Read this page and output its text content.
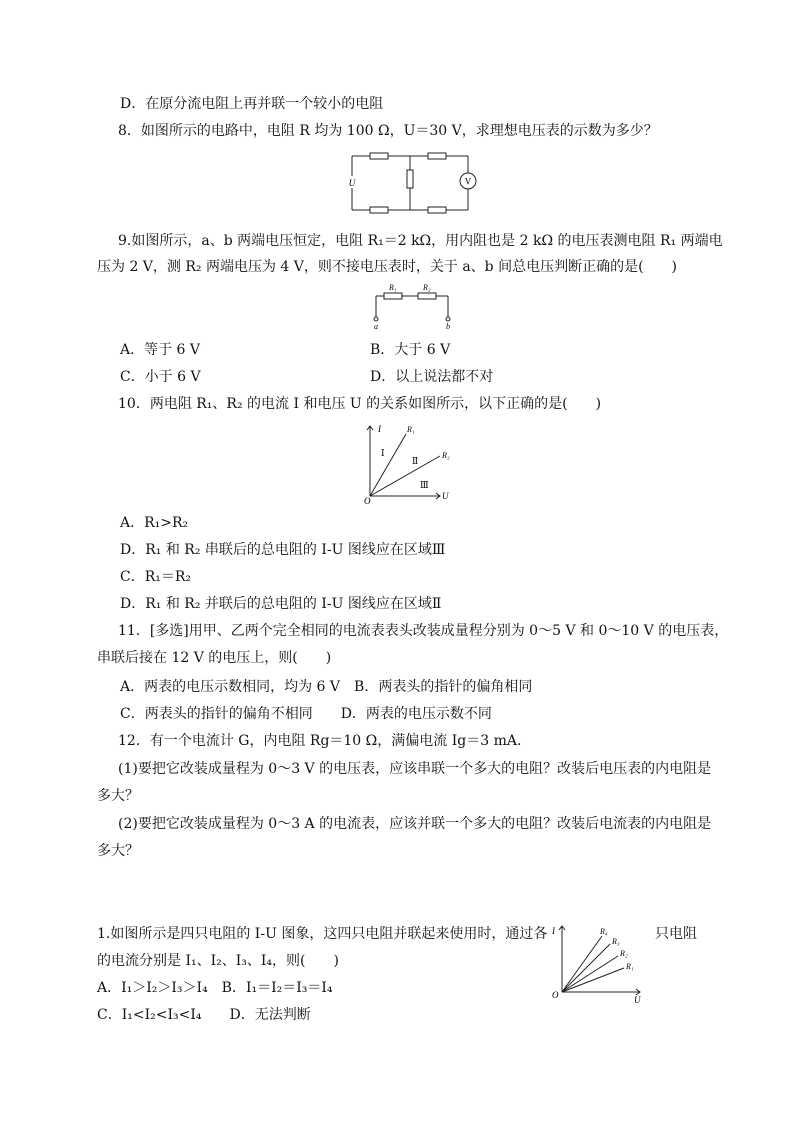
D．在原分流电阻上再并联一个较小的电阻
8．如图所示的电路中，电阻 R 均为 100 Ω，U＝30 V，求理想电压表的示数为多少？
U	V
9.如图所示，a、b 两端电压恒定，电阻 R₁＝2 kΩ，用内阻也是 2 kΩ 的电压表测电阻 R₁ 两端电
压为 2 V，测 R₂ 两端电压为 4 V，则不接电压表时，关于 a、b 间总电压判断正确的是(　　)
R₁	R₂
a	b
A．等于 6 V	B．大于 6 V
C．小于 6 V	D．以上说法都不对
10．两电阻 R₁、R₂ 的电流 I 和电压 U 的关系如图所示，以下正确的是(　　)
I
U
O
R₁
R₂
Ⅰ
Ⅱ
Ⅲ
A．R₁>R₂
D．R₁ 和 R₂ 串联后的总电阻的 I-U 图线应在区域Ⅲ
C．R₁＝R₂
D．R₁ 和 R₂ 并联后的总电阻的 I-U 图线应在区域Ⅱ
11．[多选]用甲、乙两个完全相同的电流表表头改装成量程分别为 0～5 V 和 0～10 V 的电压表，
串联后接在 12 V 的电压上，则(　　)
A．两表的电压示数相同，均为 6 V　B．两表头的指针的偏角相同
C．两表头的指针的偏角不相同　　D．两表的电压示数不同
12．有一个电流计 G，内电阻 Rg＝10 Ω，满偏电流 Ig＝3 mA.
(1)要把它改装成量程为 0～3 V 的电压表，应该串联一个多大的电阻？改装后电压表的内电阻是
多大？
(2)要把它改装成量程为 0～3 A 的电流表，应该并联一个多大的电阻？改装后电流表的内电阻是
多大？
1.如图所示是四只电阻的 I-U 图象，这四只电阻并联起来使用时，通过各	只电阻
的电流分别是 I₁、I₂、I₃、I₄，则(　　)
A．I₁＞I₂＞I₃＞I₄　B．I₁＝I₂＝I₃＝I₄
C．I₁<I₂<I₃<I₄　　D．无法判断
I
U
O
R₄
R₃
R₂
R₁
